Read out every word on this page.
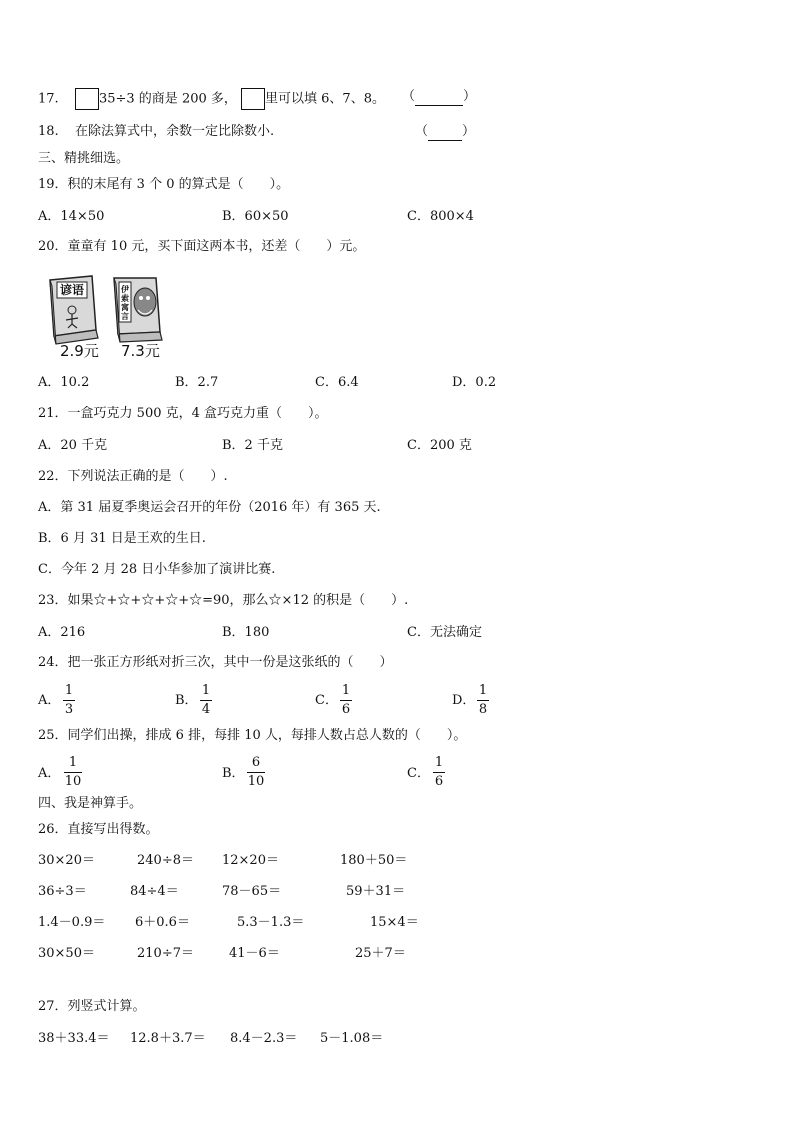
17.	35÷3 的商是 200 多， 里可以填 6、7、8。 （	）
18. 在除法算式中，余数一定比除数小.	（	）
三、精挑细选。
19．积的末尾有 3 个 0 的算式是（　　）。
A．14×50	B．60×50	C．800×4
20．童童有 10 元，买下面这两本书，还差（　　）元。
谚语	伊
索
寓
言
2.9元 7.3元
A．10.2	B．2.7	C．6.4	D．0.2
21．一盒巧克力 500 克，4 盒巧克力重（　　）。
A．20 千克	B．2 千克	C．200 克
22．下列说法正确的是（　　）.
A．第 31 届夏季奥运会召开的年份（2016 年）有 365 天.
B．6 月 31 日是王欢的生日.
C．今年 2 月 28 日小华参加了演讲比赛.
23．如果☆+☆+☆+☆+☆=90，那么☆×12 的积是（　　）.
A．216	B．180	C．无法确定
24．把一张正方形纸对折三次，其中一份是这张纸的（　　）
A．
1
3
B．
1
4
C．
1
6
D．
1
8
25．同学们出操，排成 6 排，每排 10 人，每排人数占总人数的（　　）。
A．
1
10
B．
6
10
C．
1
6
四、我是神算手。
26．直接写出得数。
30×20＝	240÷8＝ 12×20＝	180＋50＝
36÷3＝	84÷4＝	78－65＝	59＋31＝
1.4－0.9＝ 6＋0.6＝	5.3－1.3＝	15×4＝
30×50＝	210÷7＝	41－6＝	25＋7＝
27．列竖式计算。
38＋33.4＝ 12.8＋3.7＝ 8.4－2.3＝ 5－1.08＝
